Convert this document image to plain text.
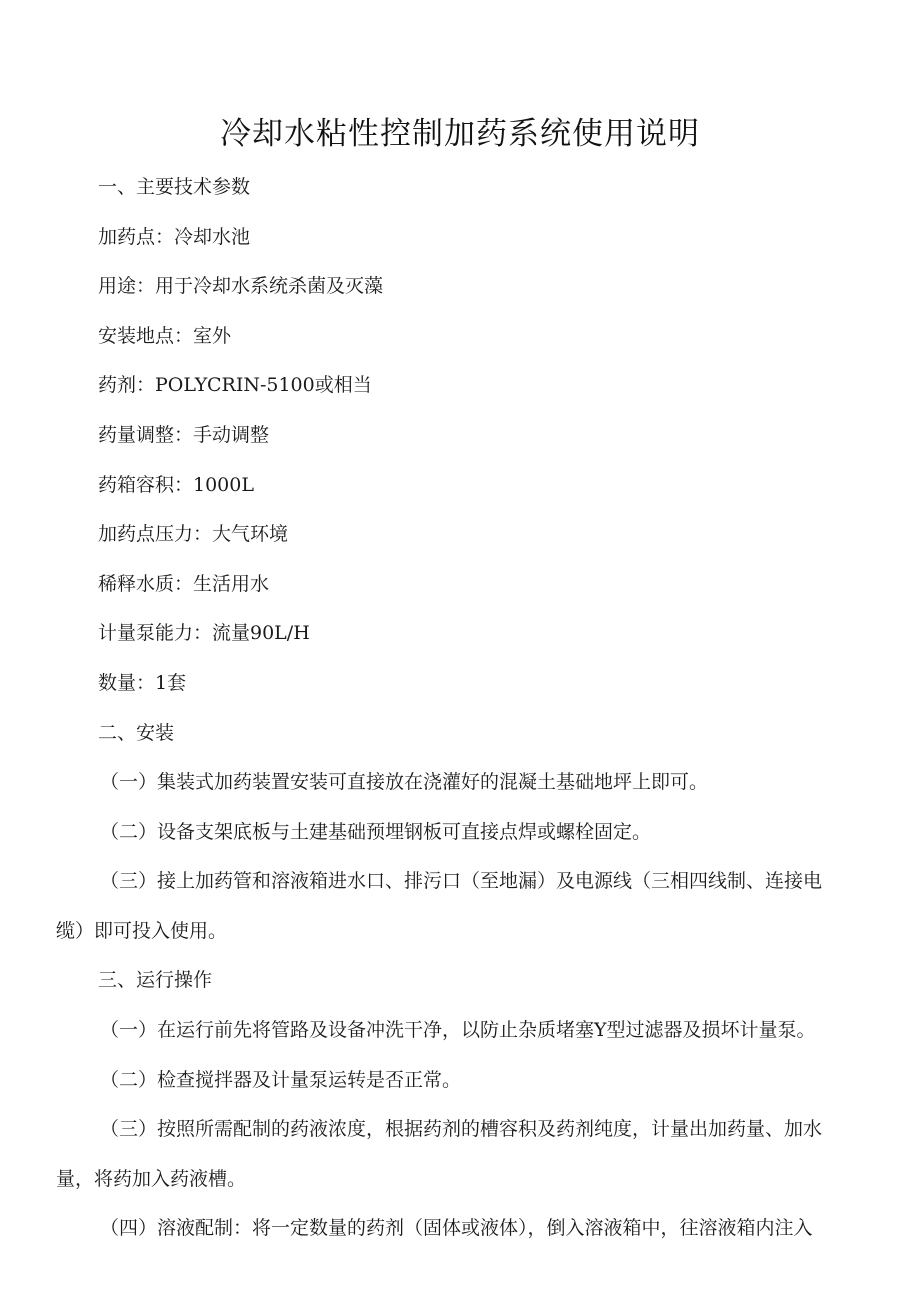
冷却水粘性控制加药系统使用说明
一、主要技术参数
加药点：冷却水池
用途：用于冷却水系统杀菌及灭藻
安装地点：室外
药剂：POLYCRIN-5100或相当
药量调整：手动调整
药箱容积：1000L
加药点压力：大气环境
稀释水质：生活用水
计量泵能力：流量90L/H
数量：1套
二、安装
（一）集装式加药装置安装可直接放在浇灌好的混凝土基础地坪上即可。
（二）设备支架底板与土建基础预埋钢板可直接点焊或螺栓固定。
（三）接上加药管和溶液箱进水口、排污口（至地漏）及电源线（三相四线制、连接电
缆）即可投入使用。
三、运行操作
（一）在运行前先将管路及设备冲洗干净，以防止杂质堵塞Y型过滤器及损坏计量泵。
（二）检查搅拌器及计量泵运转是否正常。
（三）按照所需配制的药液浓度，根据药剂的槽容积及药剂纯度，计量出加药量、加水
量，将药加入药液槽。
（四）溶液配制：将一定数量的药剂（固体或液体），倒入溶液箱中，往溶液箱内注入
